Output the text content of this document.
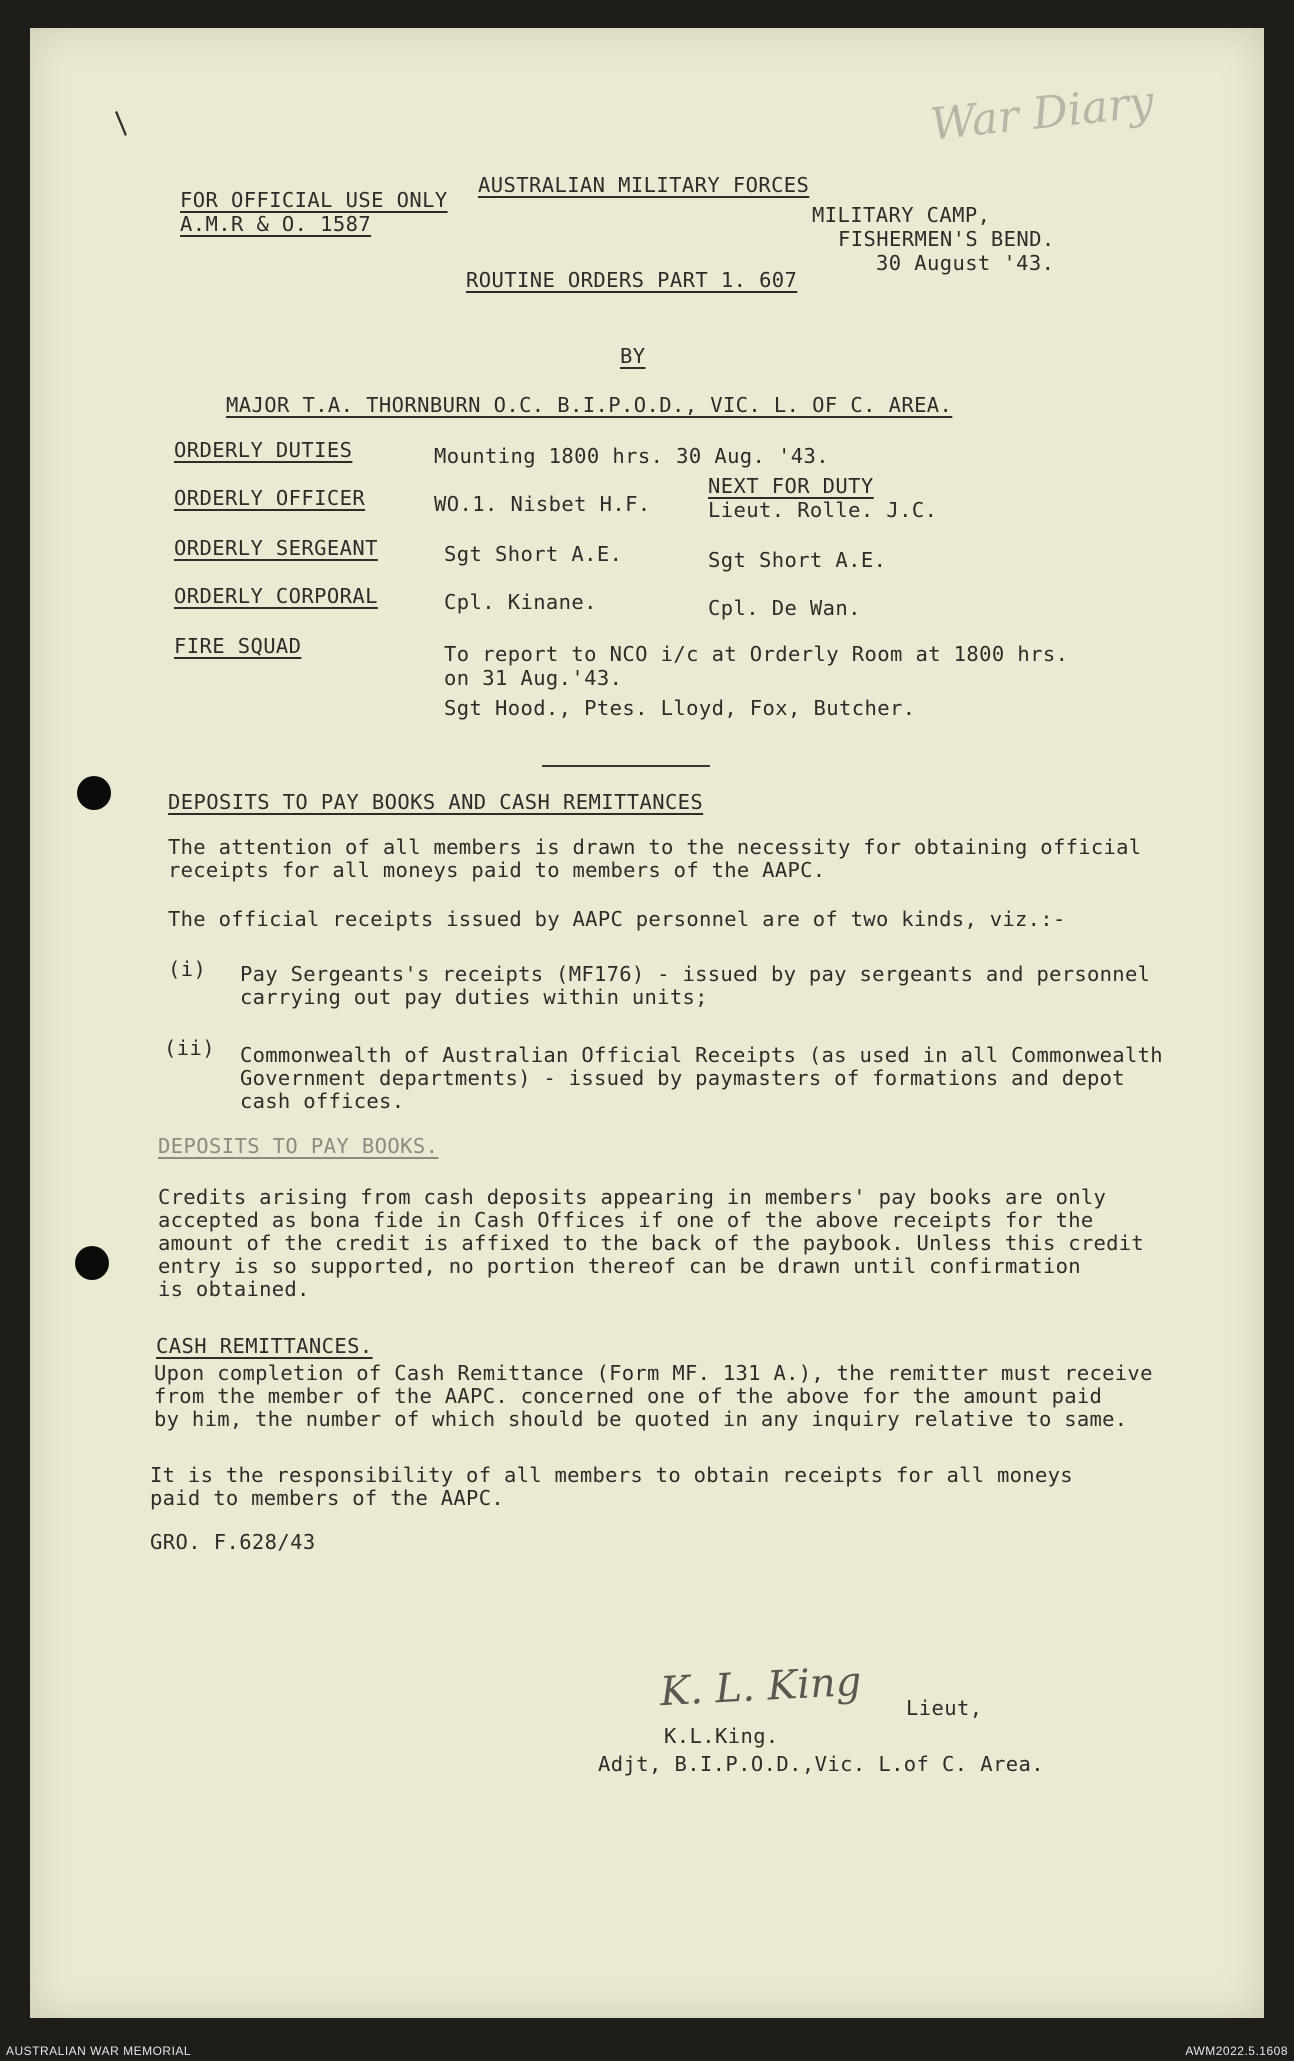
/	War Diary
FOR OFFICIAL USE ONLY
A.M.R & O. 1587
AUSTRALIAN MILITARY FORCES
MILITARY CAMP,
FISHERMEN'S BEND.
30 August '43.
ROUTINE ORDERS PART 1. 607
BY
MAJOR T.A. THORNBURN O.C. B.I.P.O.D., VIC. L. OF C. AREA.
ORDERLY DUTIES	Mounting 1800 hrs. 30 Aug. '43.
NEXT FOR DUTY
ORDERLY OFFICER	WO.1. Nisbet H.F.	Lieut. Rolle. J.C.
ORDERLY SERGEANT	Sgt Short A.E.	Sgt Short A.E.
ORDERLY CORPORAL	Cpl. Kinane.	Cpl. De Wan.
FIRE SQUAD	To report to NCO i/c at Orderly Room at 1800 hrs.
on 31 Aug.'43.
Sgt Hood., Ptes. Lloyd, Fox, Butcher.
DEPOSITS TO PAY BOOKS AND CASH REMITTANCES
The attention of all members is drawn to the necessity for obtaining official
receipts for all moneys paid to members of the AAPC.
The official receipts issued by AAPC personnel are of two kinds, viz.:-
(i) Pay Sergeants's receipts (MF176) - issued by pay sergeants and personnel
carrying out pay duties within units;
(ii) Commonwealth of Australian Official Receipts (as used in all Commonwealth
Government departments) - issued by paymasters of formations and depot
cash offices.
DEPOSITS TO PAY BOOKS.
Credits arising from cash deposits appearing in members' pay books are only
accepted as bona fide in Cash Offices if one of the above receipts for the
amount of the credit is affixed to the back of the paybook. Unless this credit
entry is so supported, no portion thereof can be drawn until confirmation
is obtained.
CASH REMITTANCES.
Upon completion of Cash Remittance (Form MF. 131 A.), the remitter must receive
from the member of the AAPC. concerned one of the above for the amount paid
by him, the number of which should be quoted in any inquiry relative to same.
It is the responsibility of all members to obtain receipts for all moneys
paid to members of the AAPC.
GRO. F.628/43
K. L. King Lieut,
K.L.King.
Adjt, B.I.P.O.D.,Vic. L.of C. Area.
AUSTRALIAN WAR MEMORIAL	AWM2022.5.1608
